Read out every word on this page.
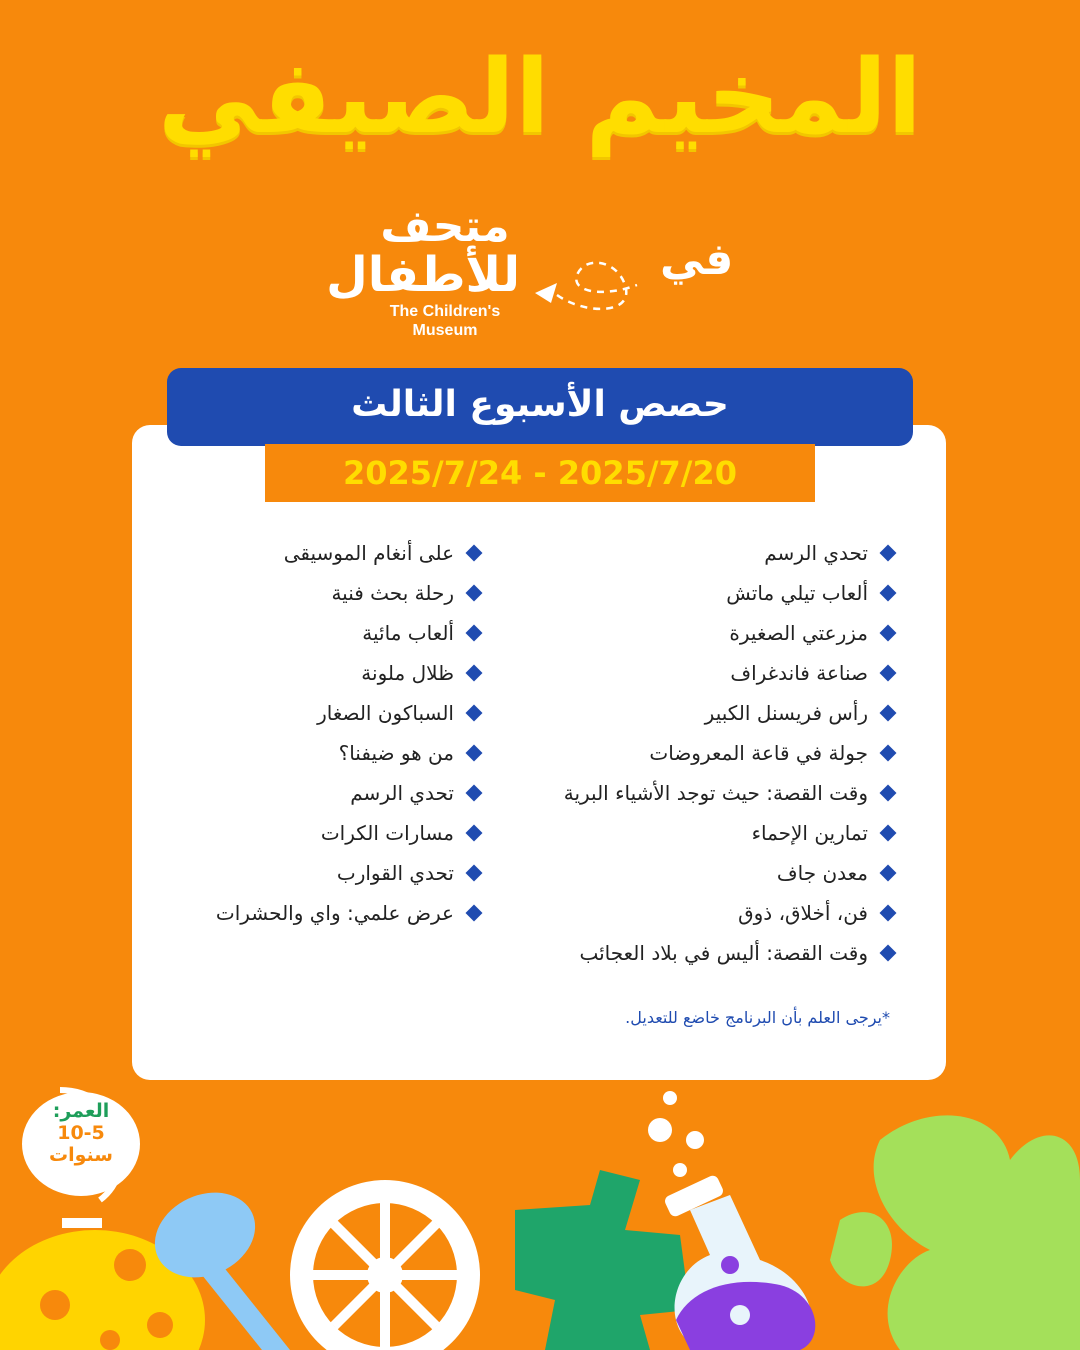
المخيم الصيفي
متحف
للأطفال
The Children's
Museum
في
حصص الأسبوع الثالث
2025/7/24 - 2025/7/20
تحدي الرسم
ألعاب تيلي ماتش
مزرعتي الصغيرة
صناعة فاندغراف
رأس فريسنل الكبير
جولة في قاعة المعروضات
وقت القصة: حيث توجد الأشياء البرية
تمارين الإحماء
معدن جاف
فن، أخلاق، ذوق
وقت القصة: أليس في بلاد العجائب
على أنغام الموسيقى
رحلة بحث فنية
ألعاب مائية
ظلال ملونة
السباكون الصغار
من هو ضيفنا؟
تحدي الرسم
مسارات الكرات
تحدي القوارب
عرض علمي: واي والحشرات
*يرجى العلم بأن البرنامج خاضع للتعديل.
العمر:
10-5
سنوات
